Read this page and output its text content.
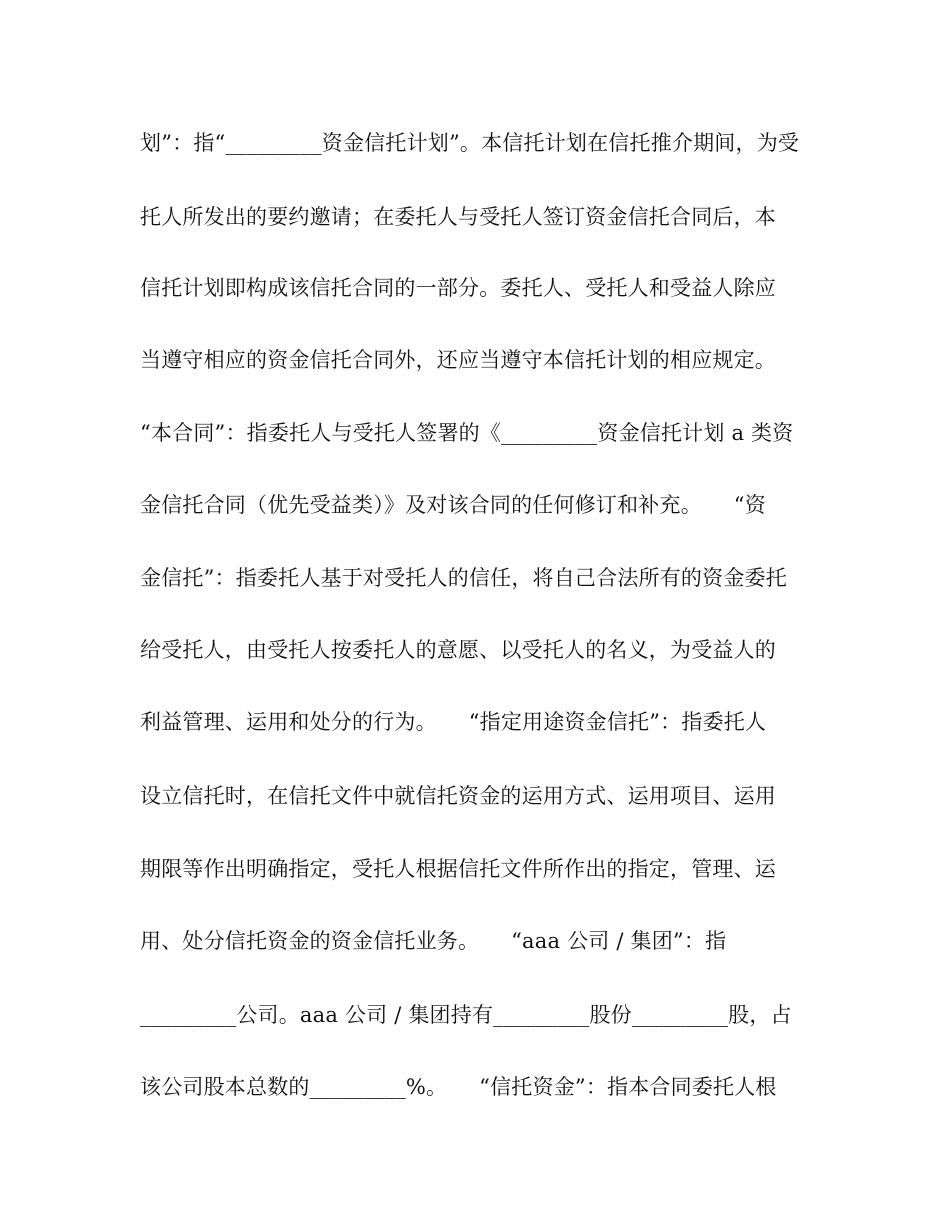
划”：指“_________资金信托计划”。本信托计划在信托推介期间，为受
托人所发出的要约邀请；在委托人与受托人签订资金信托合同后，本
信托计划即构成该信托合同的一部分。委托人、受托人和受益人除应
当遵守相应的资金信托合同外，还应当遵守本信托计划的相应规定。
“本合同”：指委托人与受托人签署的《_________资金信托计划 a 类资
金信托合同（优先受益类）》及对该合同的任何修订和补充。　　“资
金信托”：指委托人基于对受托人的信任，将自己合法所有的资金委托
给受托人，由受托人按委托人的意愿、以受托人的名义，为受益人的
利益管理、运用和处分的行为。　　“指定用途资金信托”：指委托人
设立信托时，在信托文件中就信托资金的运用方式、运用项目、运用
期限等作出明确指定，受托人根据信托文件所作出的指定，管理、运
用、处分信托资金的资金信托业务。　　“aaa 公司 / 集团”：指
_________公司。aaa 公司 / 集团持有_________股份_________股，占
该公司股本总数的_________%。　　“信托资金”：指本合同委托人根
